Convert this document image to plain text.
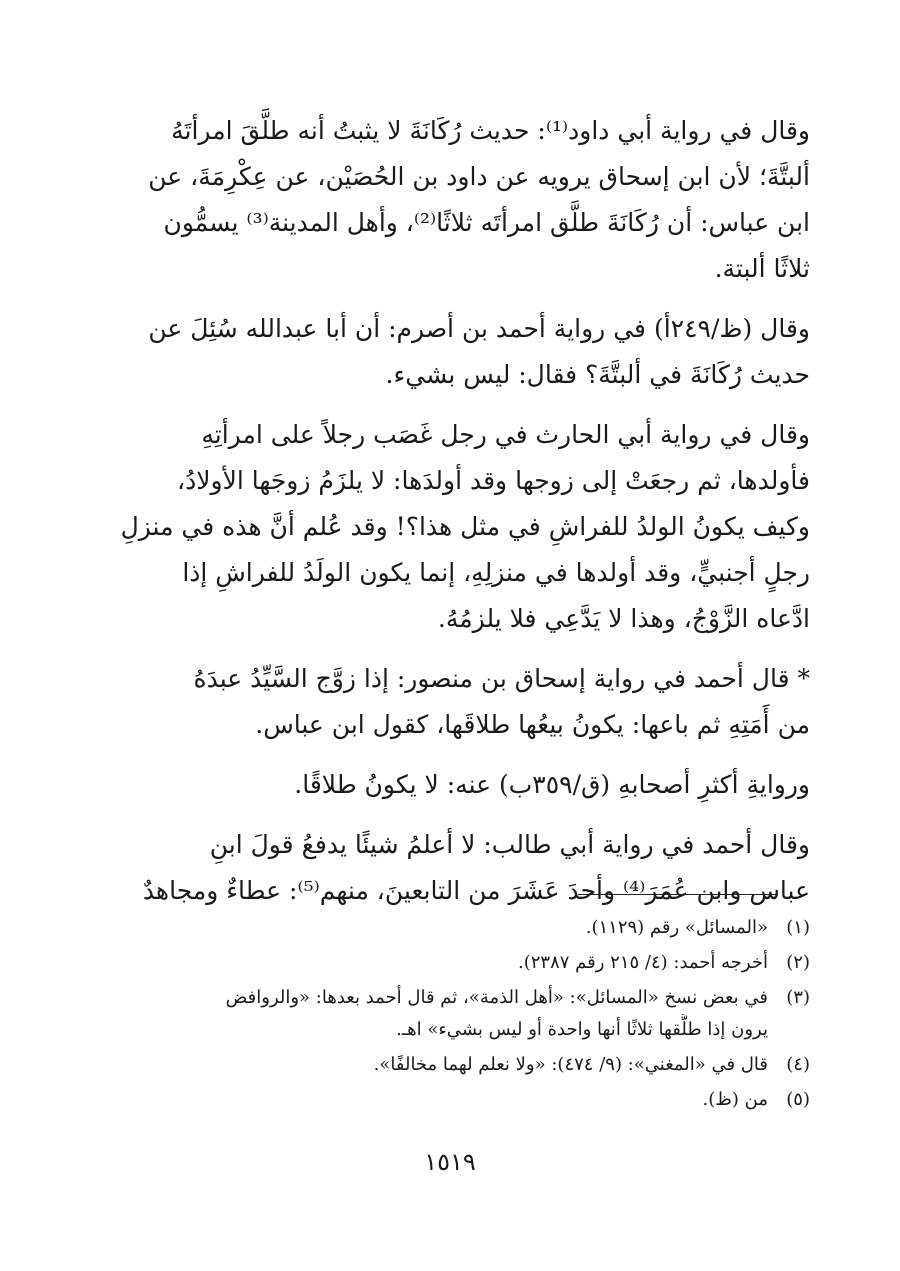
وقال في رواية أبي داود⁽¹⁾: حديث رُكَانَةَ لا يثبتُ أنه طلَّقَ امرأتَهُ
ألبتَّةَ؛ لأن ابن إسحاق يرويه عن داود بن الحُصَيْن، عن عِكْرِمَةَ، عن
ابن عباس: أن رُكَانَةَ طلَّق امرأتَه ثلاثًا⁽²⁾، وأهل المدينة⁽³⁾ يسمُّون
ثلاثًا ألبتة.
وقال (ظ/٢٤٩أ) في رواية أحمد بن أصرم: أن أبا عبدالله سُئِلَ عن
حديث رُكَانَةَ في ألبتَّةَ؟ فقال: ليس بشيء.
وقال في رواية أبي الحارث في رجل غَصَب رجلاً على امرأتِهِ
فأولدها، ثم رجعَتْ إلى زوجها وقد أولدَها: لا يلزَمُ زوجَها الأولادُ،
وكيف يكونُ الولدُ للفراشِ في مثل هذا؟! وقد عُلم أنَّ هذه في منزلِ
رجلٍ أجنبيٍّ، وقد أولدها في منزلِهِ، إنما يكون الولَدُ للفراشِ إذا
ادَّعاه الزَّوْجُ، وهذا لا يَدَّعِي فلا يلزمُهُ.
* قال أحمد في رواية إسحاق بن منصور: إذا زوَّج السَّيِّدُ عبدَهُ
من أَمَتِهِ ثم باعها: يكونُ بيعُها طلاقَها، كقول ابن عباس.
وروايةِ أكثرِ أصحابهِ (ق/٣٥٩ب) عنه: لا يكونُ طلاقًا.
وقال أحمد في رواية أبي طالب: لا أعلمُ شيئًا يدفعُ قولَ ابنِ
عباس وابن عُمَرَ⁽⁴⁾ وأحدَ عَشَرَ من التابعينَ، منهم⁽⁵⁾: عطاءٌ ومجاهدٌ
(١)
«المسائل» رقم (١١٢٩).
(٢)
أخرجه أحمد: (٤/ ٢١٥ رقم ٢٣٨٧).
(٣)
في بعض نسخ «المسائل»: «أهل الذمة»، ثم قال أحمد بعدها: «والروافض
يرون إذا طلَّقها ثلاثًا أنها واحدة أو ليس بشيء» اهـ.
(٤)
قال في «المغني»: (٩/ ٤٧٤): «ولا نعلم لهما مخالفًا».
(٥)
من (ظ).
١٥١٩
